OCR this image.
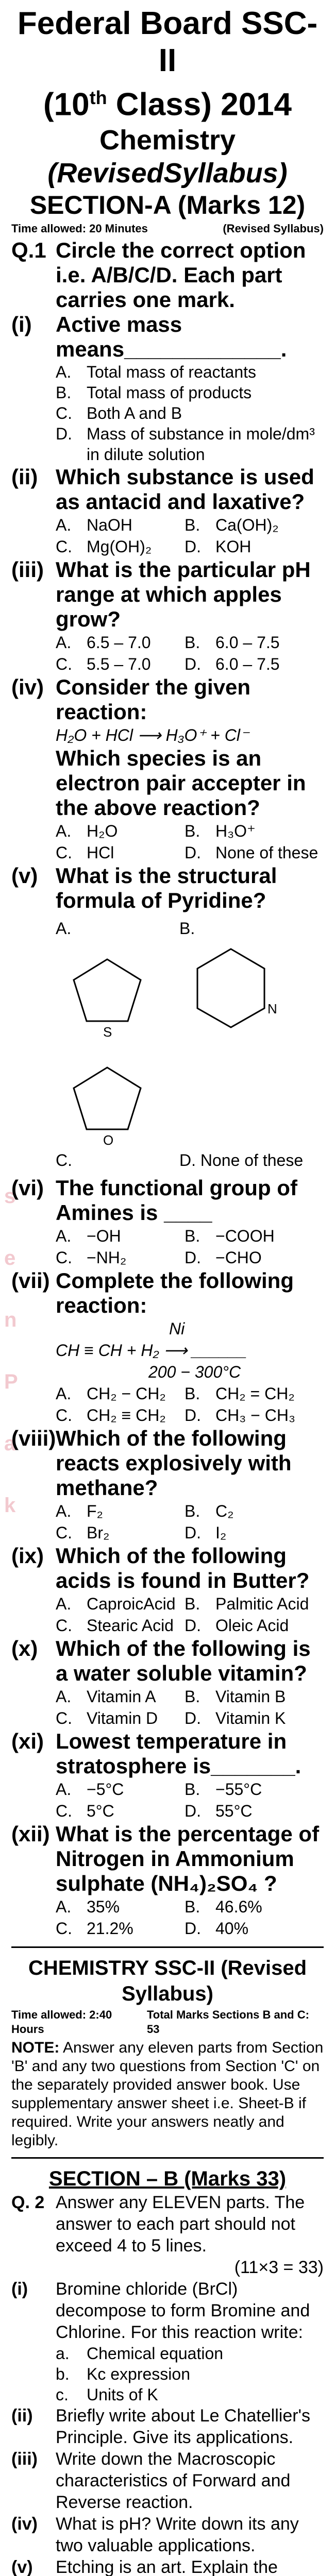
s
e
n
P
a
k
Federal Board SSC-II
(10th Class) 2014
Chemistry (RevisedSyllabus)
SECTION-A (Marks 12)
Time allowed: 20 Minutes	(Revised Syllabus)
Q.1 Circle the correct option i.e. A/B/C/D. Each part carries one mark.
(i)	Active mass means_____________.
A. Total mass of reactants
B. Total mass of products
C. Both A and B
D. Mass of substance in mole/dm³ in dilute solution
(ii) Which substance is used as antacid and laxative?
A. NaOH	B. Ca(OH)₂
C. Mg(OH)₂	D. KOH
(iii) What is the particular pH range at which apples grow?
A. 6.5 – 7.0	B. 6.0 – 7.5
C. 5.5 – 7.0	D. 6.0 – 7.5
(iv) Consider the given reaction:
H₂O + HCl ⟶ H₃O⁺ + Cl⁻
Which species is an electron pair accepter in the above reaction?
A. H₂O	B. H₃O⁺
C. HCl	D. None of these
(v) What is the structural formula of Pyridine?
A.
S
B.
N
O
C.	D. None of these
(vi) The functional group of Amines is ____
A. −OH	B. −COOH
C. −NH₂	D. −CHO
(vii) Complete the following reaction:
Ni
CH ≡ CH + H₂ ⟶ ______
200 − 300°C
A. CH₂ − CH₂	B. CH₂ = CH₂
C. CH₂ ≡ CH₂	D. CH₃ − CH₃
(viii) Which of the following reacts explosively with methane?
A. F₂	B. C₂
C. Br₂	D. I₂
(ix) Which of the following acids is found in Butter?
A. CaproicAcid B. Palmitic Acid
C. Stearic Acid D. Oleic Acid
(x) Which of the following is a water soluble vitamin?
A. Vitamin A	B. Vitamin B
C. Vitamin D	D. Vitamin K
(xi) Lowest temperature in stratosphere is_______.
A. −5°C	B. −55°C
C. 5°C	D. 55°C
(xii) What is the percentage of Nitrogen in Ammonium sulphate (NH₄)₂SO₄ ?
A. 35%	B. 46.6%
C. 21.2%	D. 40%
CHEMISTRY SSC-II (Revised Syllabus)
Time allowed: 2:40 Hours
Total Marks Sections B and C: 53
NOTE: Answer any eleven parts from Section 'B' and any two questions from Section 'C' on the separately provided answer book. Use supplementary answer sheet i.e. Sheet-B if required. Write your answers neatly and legibly.
SECTION – B (Marks 33)
Q. 2 Answer any ELEVEN parts. The answer to each part should not exceed 4 to 5 lines.
(11×3 = 33)
(i)	Bromine chloride (BrCl) decompose to form Bromine and Chlorine. For this reaction write:
a.	Chemical equation
b.	Kc expression
c.	Units of K
(ii)	Briefly write about Le Chatellier's Principle. Give its applications.
(iii)	Write down the Macroscopic characteristics of Forward and Reverse reaction.
(iv)	What is pH? Write down its any two valuable applications.
(v)	Etching is an art. Explain the
